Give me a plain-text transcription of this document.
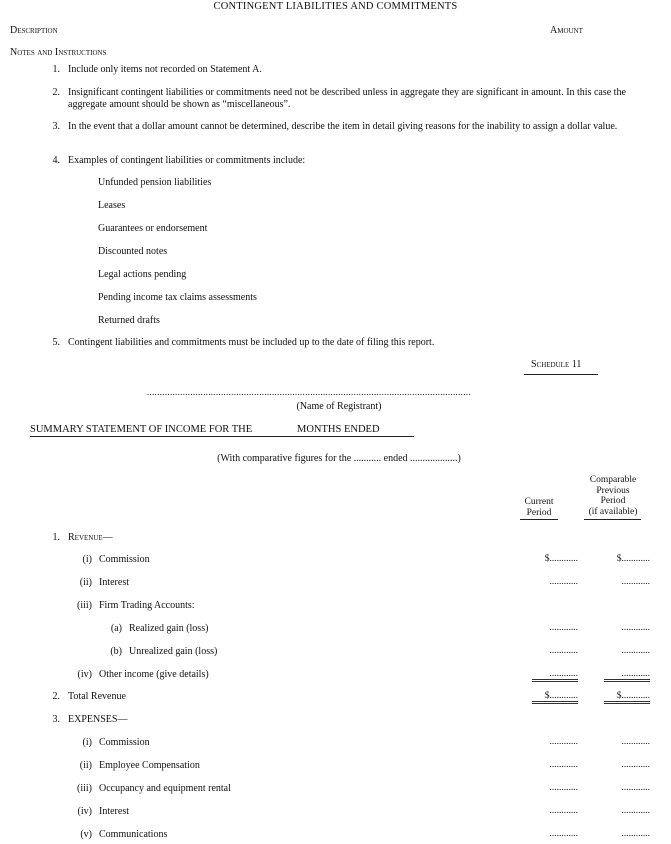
CONTINGENT LIABILITIES AND COMMITMENTS
Description	Amount
Notes and Instructions
1. Include only items not recorded on Statement A.
2. Insignificant contingent liabilities or commitments need not be described unless in aggregate they are significant in amount. In this case the aggregate amount should be shown as “miscellaneous”.
3. In the event that a dollar amount cannot be determined, describe the item in detail giving reasons for the inability to assign a dollar value.
4. Examples of contingent liabilities or commitments include:
Unfunded pension liabilities
Leases
Guarantees or endorsement
Discounted notes
Legal actions pending
Pending income tax claims assessments
Returned drafts
5. Contingent liabilities and commitments must be included up to the date of filing this report.
Schedule 11
...............................................................................................................................
(Name of Registrant)
SUMMARY STATEMENT OF INCOME FOR THE	MONTHS ENDED
(With comparative figures for the ........... ended ...................)
Current
Period
Comparable
Previous
Period
(if available)
1. Revenue—
(i) Commission	$............	$............
(ii) Interest	............	............
(iii) Firm Trading Accounts:
(a) Realized gain (loss)	............	............
(b) Unrealized gain (loss)	............	............
(iv) Other income (give details)	............	............
2. Total Revenue	$............	$............
3. EXPENSES—
(i) Commission	............	............
(ii) Employee Compensation	............	............
(iii) Occupancy and equipment rental	............	............
(iv) Interest	............	............
(v) Communications	............	............
